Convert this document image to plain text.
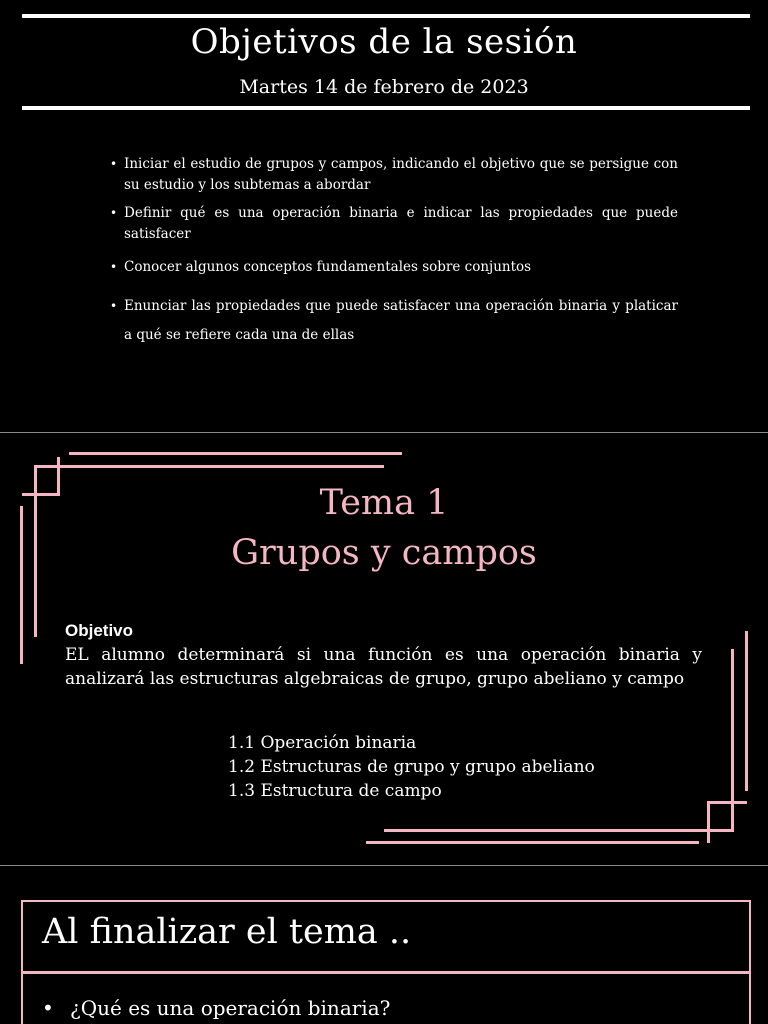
Objetivos de la sesión
Martes 14 de febrero de 2023
• Iniciar el estudio de grupos y campos, indicando el objetivo que se persigue con su estudio y los subtemas a abordar
• Definir qué es una operación binaria e indicar las propiedades que puede satisfacer
• Conocer algunos conceptos fundamentales sobre conjuntos
• Enunciar las propiedades que puede satisfacer una operación binaria y platicar a qué se refiere cada una de ellas
Tema 1
Grupos y campos
Objetivo
EL alumno determinará si una función es una operación binaria y analizará las estructuras algebraicas de grupo, grupo abeliano y campo
1.1 Operación binaria
1.2 Estructuras de grupo y grupo abeliano
1.3 Estructura de campo
Al finalizar el tema ..
• ¿Qué es una operación binaria?
